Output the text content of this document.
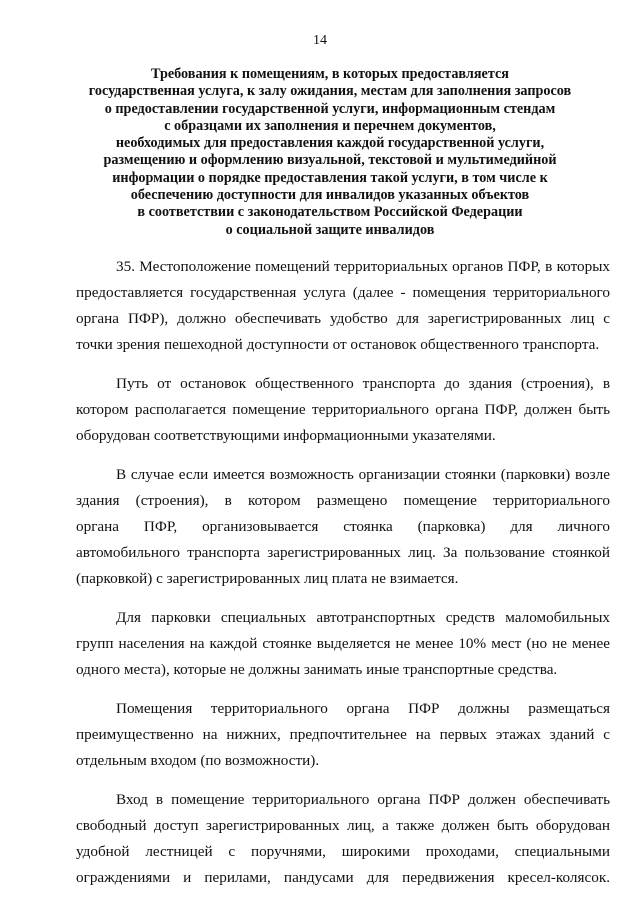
14
Требования к помещениям, в которых предоставляется
государственная услуга, к залу ожидания, местам для заполнения запросов
о предоставлении государственной услуги, информационным стендам
с образцами их заполнения и перечнем документов,
необходимых для предоставления каждой государственной услуги,
размещению и оформлению визуальной, текстовой и мультимедийной
информации о порядке предоставления такой услуги, в том числе к
обеспечению доступности для инвалидов указанных объектов
в соответствии с законодательством Российской Федерации
о социальной защите инвалидов

35. Местоположение помещений территориальных органов ПФР, в которых
предоставляется государственная услуга (далее - помещения территориального
органа ПФР), должно обеспечивать удобство для зарегистрированных лиц с
точки зрения пешеходной доступности от остановок общественного транспорта.

Путь от остановок общественного транспорта до здания (строения), в
котором располагается помещение территориального органа ПФР, должен быть
оборудован соответствующими информационными указателями.

В случае если имеется возможность организации стоянки (парковки) возле
здания (строения), в котором размещено помещение территориального
органа ПФР, организовывается стоянка (парковка) для личного
автомобильного транспорта зарегистрированных лиц. За пользование стоянкой
(парковкой) с зарегистрированных лиц плата не взимается.

Для парковки специальных автотранспортных средств маломобильных
групп населения на каждой стоянке выделяется не менее 10% мест (но не менее
одного места), которые не должны занимать иные транспортные средства.

Помещения территориального органа ПФР должны размещаться
преимущественно на нижних, предпочтительнее на первых этажах зданий с
отдельным входом (по возможности).

Вход в помещение территориального органа ПФР должен обеспечивать
свободный доступ зарегистрированных лиц, а также должен быть оборудован
удобной лестницей с поручнями, широкими проходами, специальными
ограждениями и перилами, пандусами для передвижения кресел-колясок.
